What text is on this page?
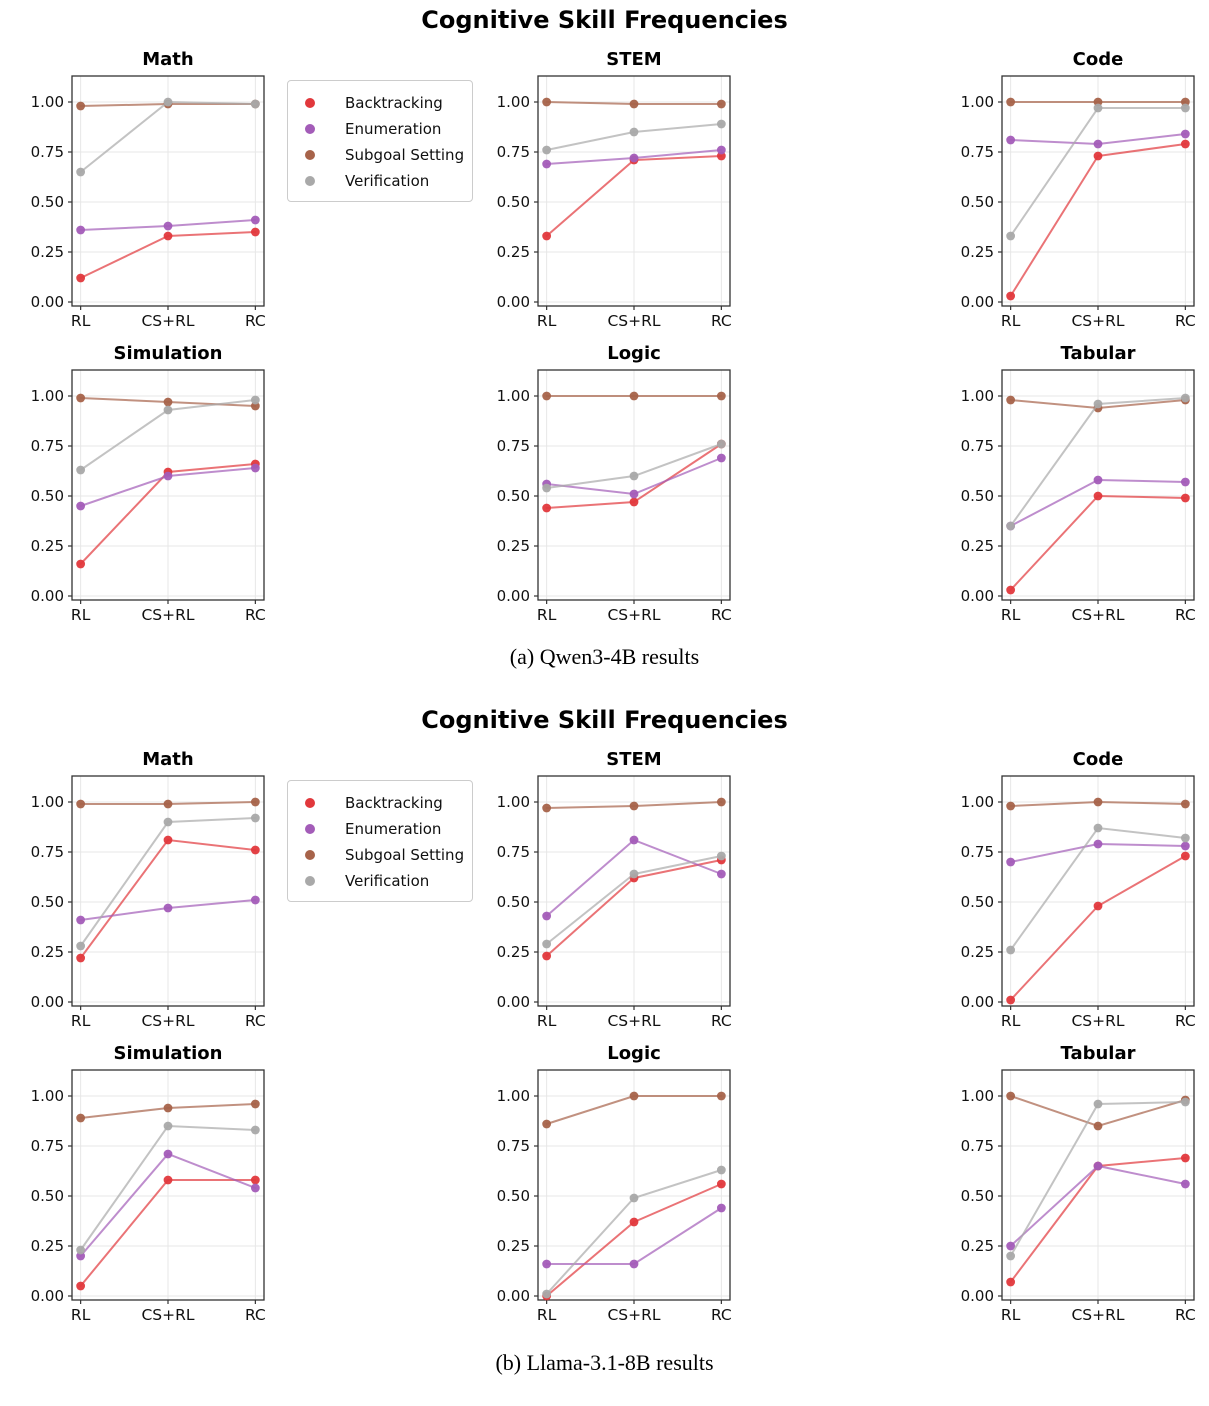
Cognitive Skill Frequencies
0.00
0.25
0.50
0.75
1.00
RL	CS+RL	RC
Math
0.00
0.25
0.50
0.75
1.00
RL	CS+RL	RC
STEM
0.00
0.25
0.50
0.75
1.00
RL	CS+RL	RC
Code
0.00
0.25
0.50
0.75
1.00
RL	CS+RL	RC
Simulation
0.00
0.25
0.50
0.75
1.00
RL	CS+RL	RC
Logic
0.00
0.25
0.50
0.75
1.00
RL	CS+RL	RC
Tabular
Backtracking
Enumeration
Subgoal Setting
Verification

(a) Qwen3-4B results

Cognitive Skill Frequencies
0.00
0.25
0.50
0.75
1.00
RL	CS+RL	RC
Math
0.00
0.25
0.50
0.75
1.00
RL	CS+RL	RC
STEM
0.00
0.25
0.50
0.75
1.00
RL	CS+RL	RC
Code
0.00
0.25
0.50
0.75
1.00
RL	CS+RL	RC
Simulation
0.00
0.25
0.50
0.75
1.00
RL	CS+RL	RC
Logic
0.00
0.25
0.50
0.75
1.00
RL	CS+RL	RC
Tabular
Backtracking
Enumeration
Subgoal Setting
Verification

(b) Llama-3.1-8B results
